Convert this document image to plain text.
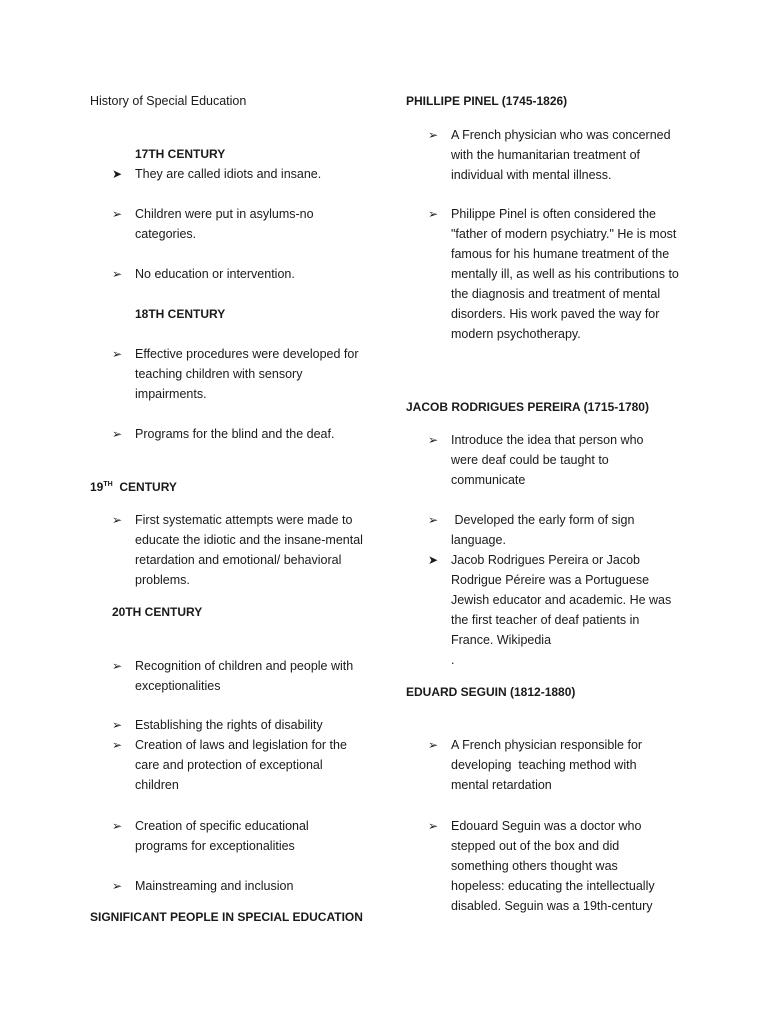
History of Special Education
17TH CENTURY
➤ They are called idiots and insane.
➢ Children were put in asylums-no categories.
➢ No education or intervention.
18TH CENTURY
➢ Effective procedures were developed for teaching children with sensory impairments.
➢ Programs for the blind and the deaf.
19TH CENTURY
➢ First systematic attempts were made to educate the idiotic and the insane-mental retardation and emotional/ behavioral problems.
20TH CENTURY
➢ Recognition of children and people with exceptionalities
➢ Establishing the rights of disability
➢ Creation of laws and legislation for the care and protection of exceptional children
➢ Creation of specific educational programs for exceptionalities
➢ Mainstreaming and inclusion
SIGNIFICANT PEOPLE IN SPECIAL EDUCATION
PHILLIPE PINEL (1745-1826)
➢ A French physician who was concerned with the humanitarian treatment of individual with mental illness.
➢ Philippe Pinel is often considered the "father of modern psychiatry." He is most famous for his humane treatment of the mentally ill, as well as his contributions to the diagnosis and treatment of mental disorders. His work paved the way for modern psychotherapy.
JACOB RODRIGUES PEREIRA (1715-1780)
➢ Introduce the idea that person who were deaf could be taught to communicate
➢ Developed the early form of sign language.
➤ Jacob Rodrigues Pereira or Jacob Rodrigue Péreire was a Portuguese Jewish educator and academic. He was the first teacher of deaf patients in France. Wikipedia
.
EDUARD SEGUIN (1812-1880)
➢ A French physician responsible for developing  teaching method with mental retardation
➢ Edouard Seguin was a doctor who stepped out of the box and did something others thought was hopeless: educating the intellectually disabled. Seguin was a 19th-century
